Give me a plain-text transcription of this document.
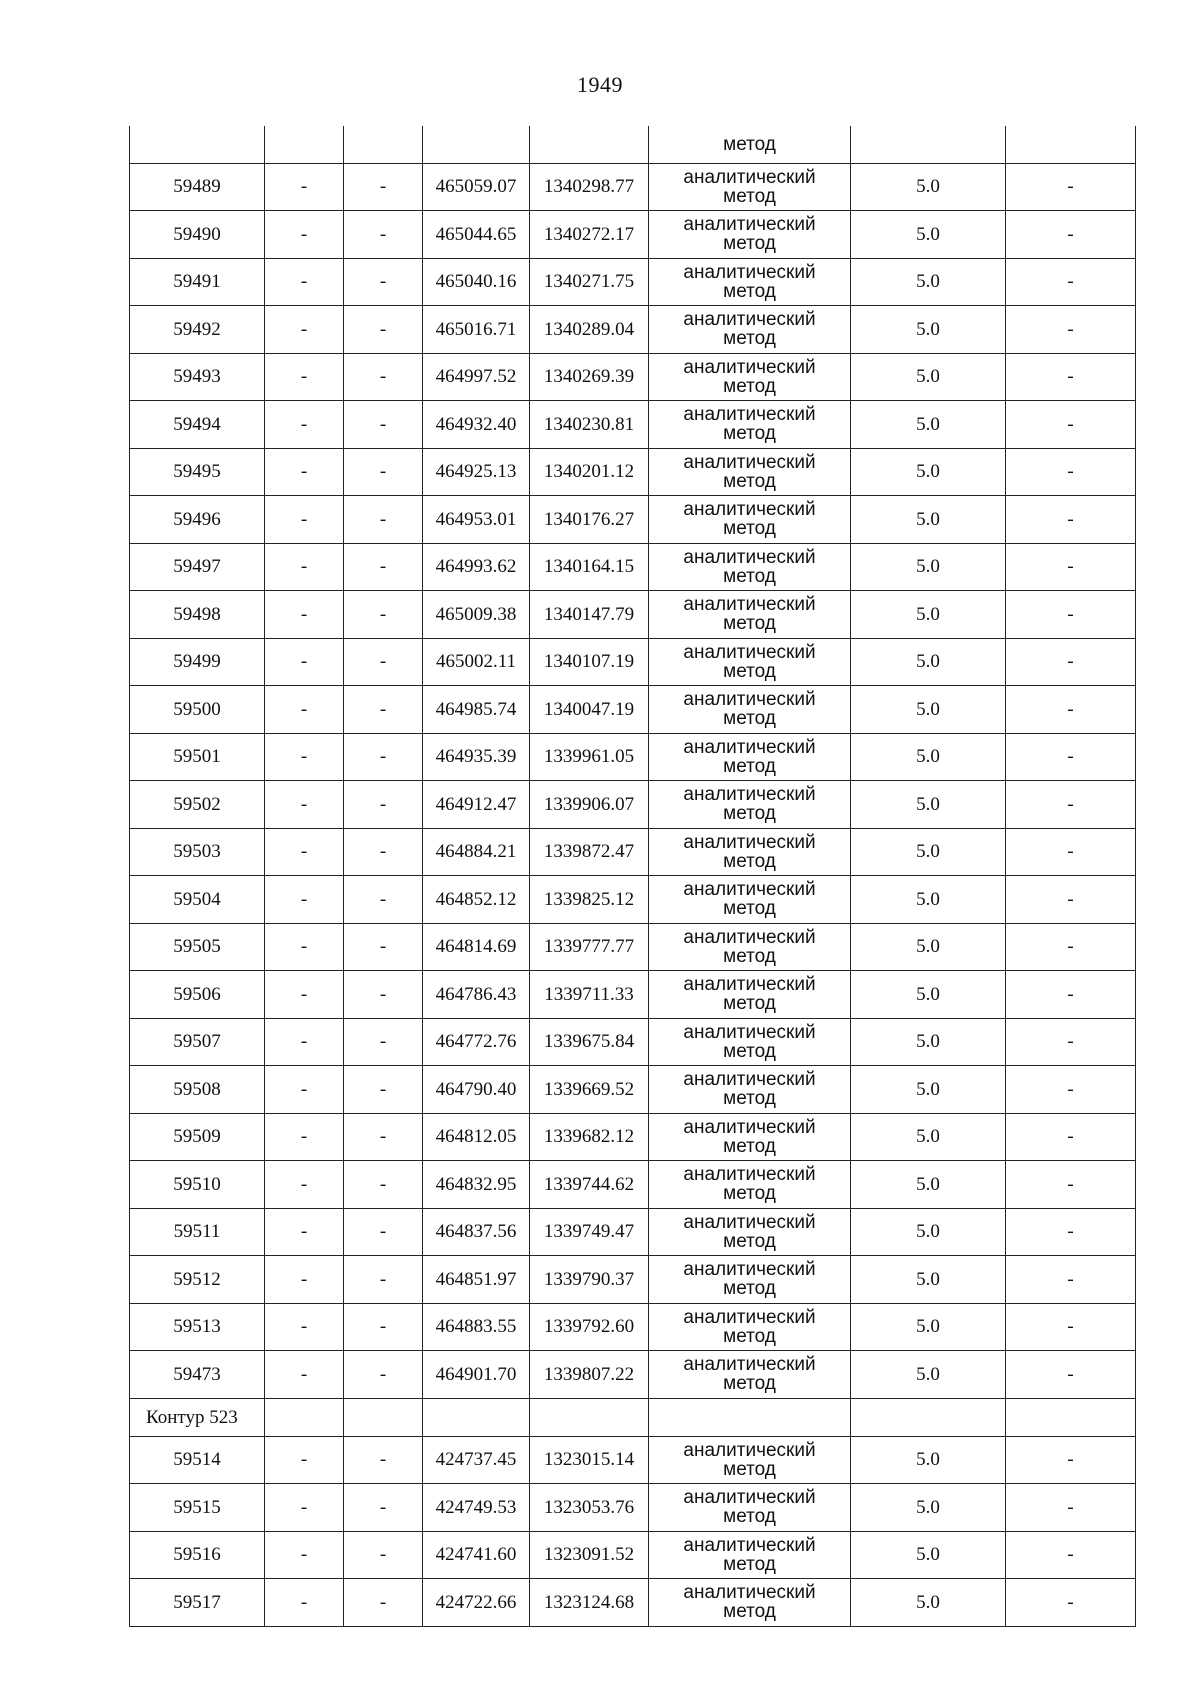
1949

					метод		

59489	-	-	465059.07	1340298.77	аналитический
метод	5.0	-
59490	-	-	465044.65	1340272.17	аналитический
метод	5.0	-
59491	-	-	465040.16	1340271.75	аналитический
метод	5.0	-
59492	-	-	465016.71	1340289.04	аналитический
метод	5.0	-
59493	-	-	464997.52	1340269.39	аналитический
метод	5.0	-
59494	-	-	464932.40	1340230.81	аналитический
метод	5.0	-
59495	-	-	464925.13	1340201.12	аналитический
метод	5.0	-
59496	-	-	464953.01	1340176.27	аналитический
метод	5.0	-
59497	-	-	464993.62	1340164.15	аналитический
метод	5.0	-
59498	-	-	465009.38	1340147.79	аналитический
метод	5.0	-
59499	-	-	465002.11	1340107.19	аналитический
метод	5.0	-
59500	-	-	464985.74	1340047.19	аналитический
метод	5.0	-
59501	-	-	464935.39	1339961.05	аналитический
метод	5.0	-
59502	-	-	464912.47	1339906.07	аналитический
метод	5.0	-
59503	-	-	464884.21	1339872.47	аналитический
метод	5.0	-
59504	-	-	464852.12	1339825.12	аналитический
метод	5.0	-
59505	-	-	464814.69	1339777.77	аналитический
метод	5.0	-
59506	-	-	464786.43	1339711.33	аналитический
метод	5.0	-
59507	-	-	464772.76	1339675.84	аналитический
метод	5.0	-
59508	-	-	464790.40	1339669.52	аналитический
метод	5.0	-
59509	-	-	464812.05	1339682.12	аналитический
метод	5.0	-
59510	-	-	464832.95	1339744.62	аналитический
метод	5.0	-
59511	-	-	464837.56	1339749.47	аналитический
метод	5.0	-
59512	-	-	464851.97	1339790.37	аналитический
метод	5.0	-
59513	-	-	464883.55	1339792.60	аналитический
метод	5.0	-
59473	-	-	464901.70	1339807.22	аналитический
метод	5.0	-
Контур 523							
59514	-	-	424737.45	1323015.14	аналитический
метод	5.0	-
59515	-	-	424749.53	1323053.76	аналитический
метод	5.0	-
59516	-	-	424741.60	1323091.52	аналитический
метод	5.0	-
59517	-	-	424722.66	1323124.68	аналитический
метод	5.0	-
